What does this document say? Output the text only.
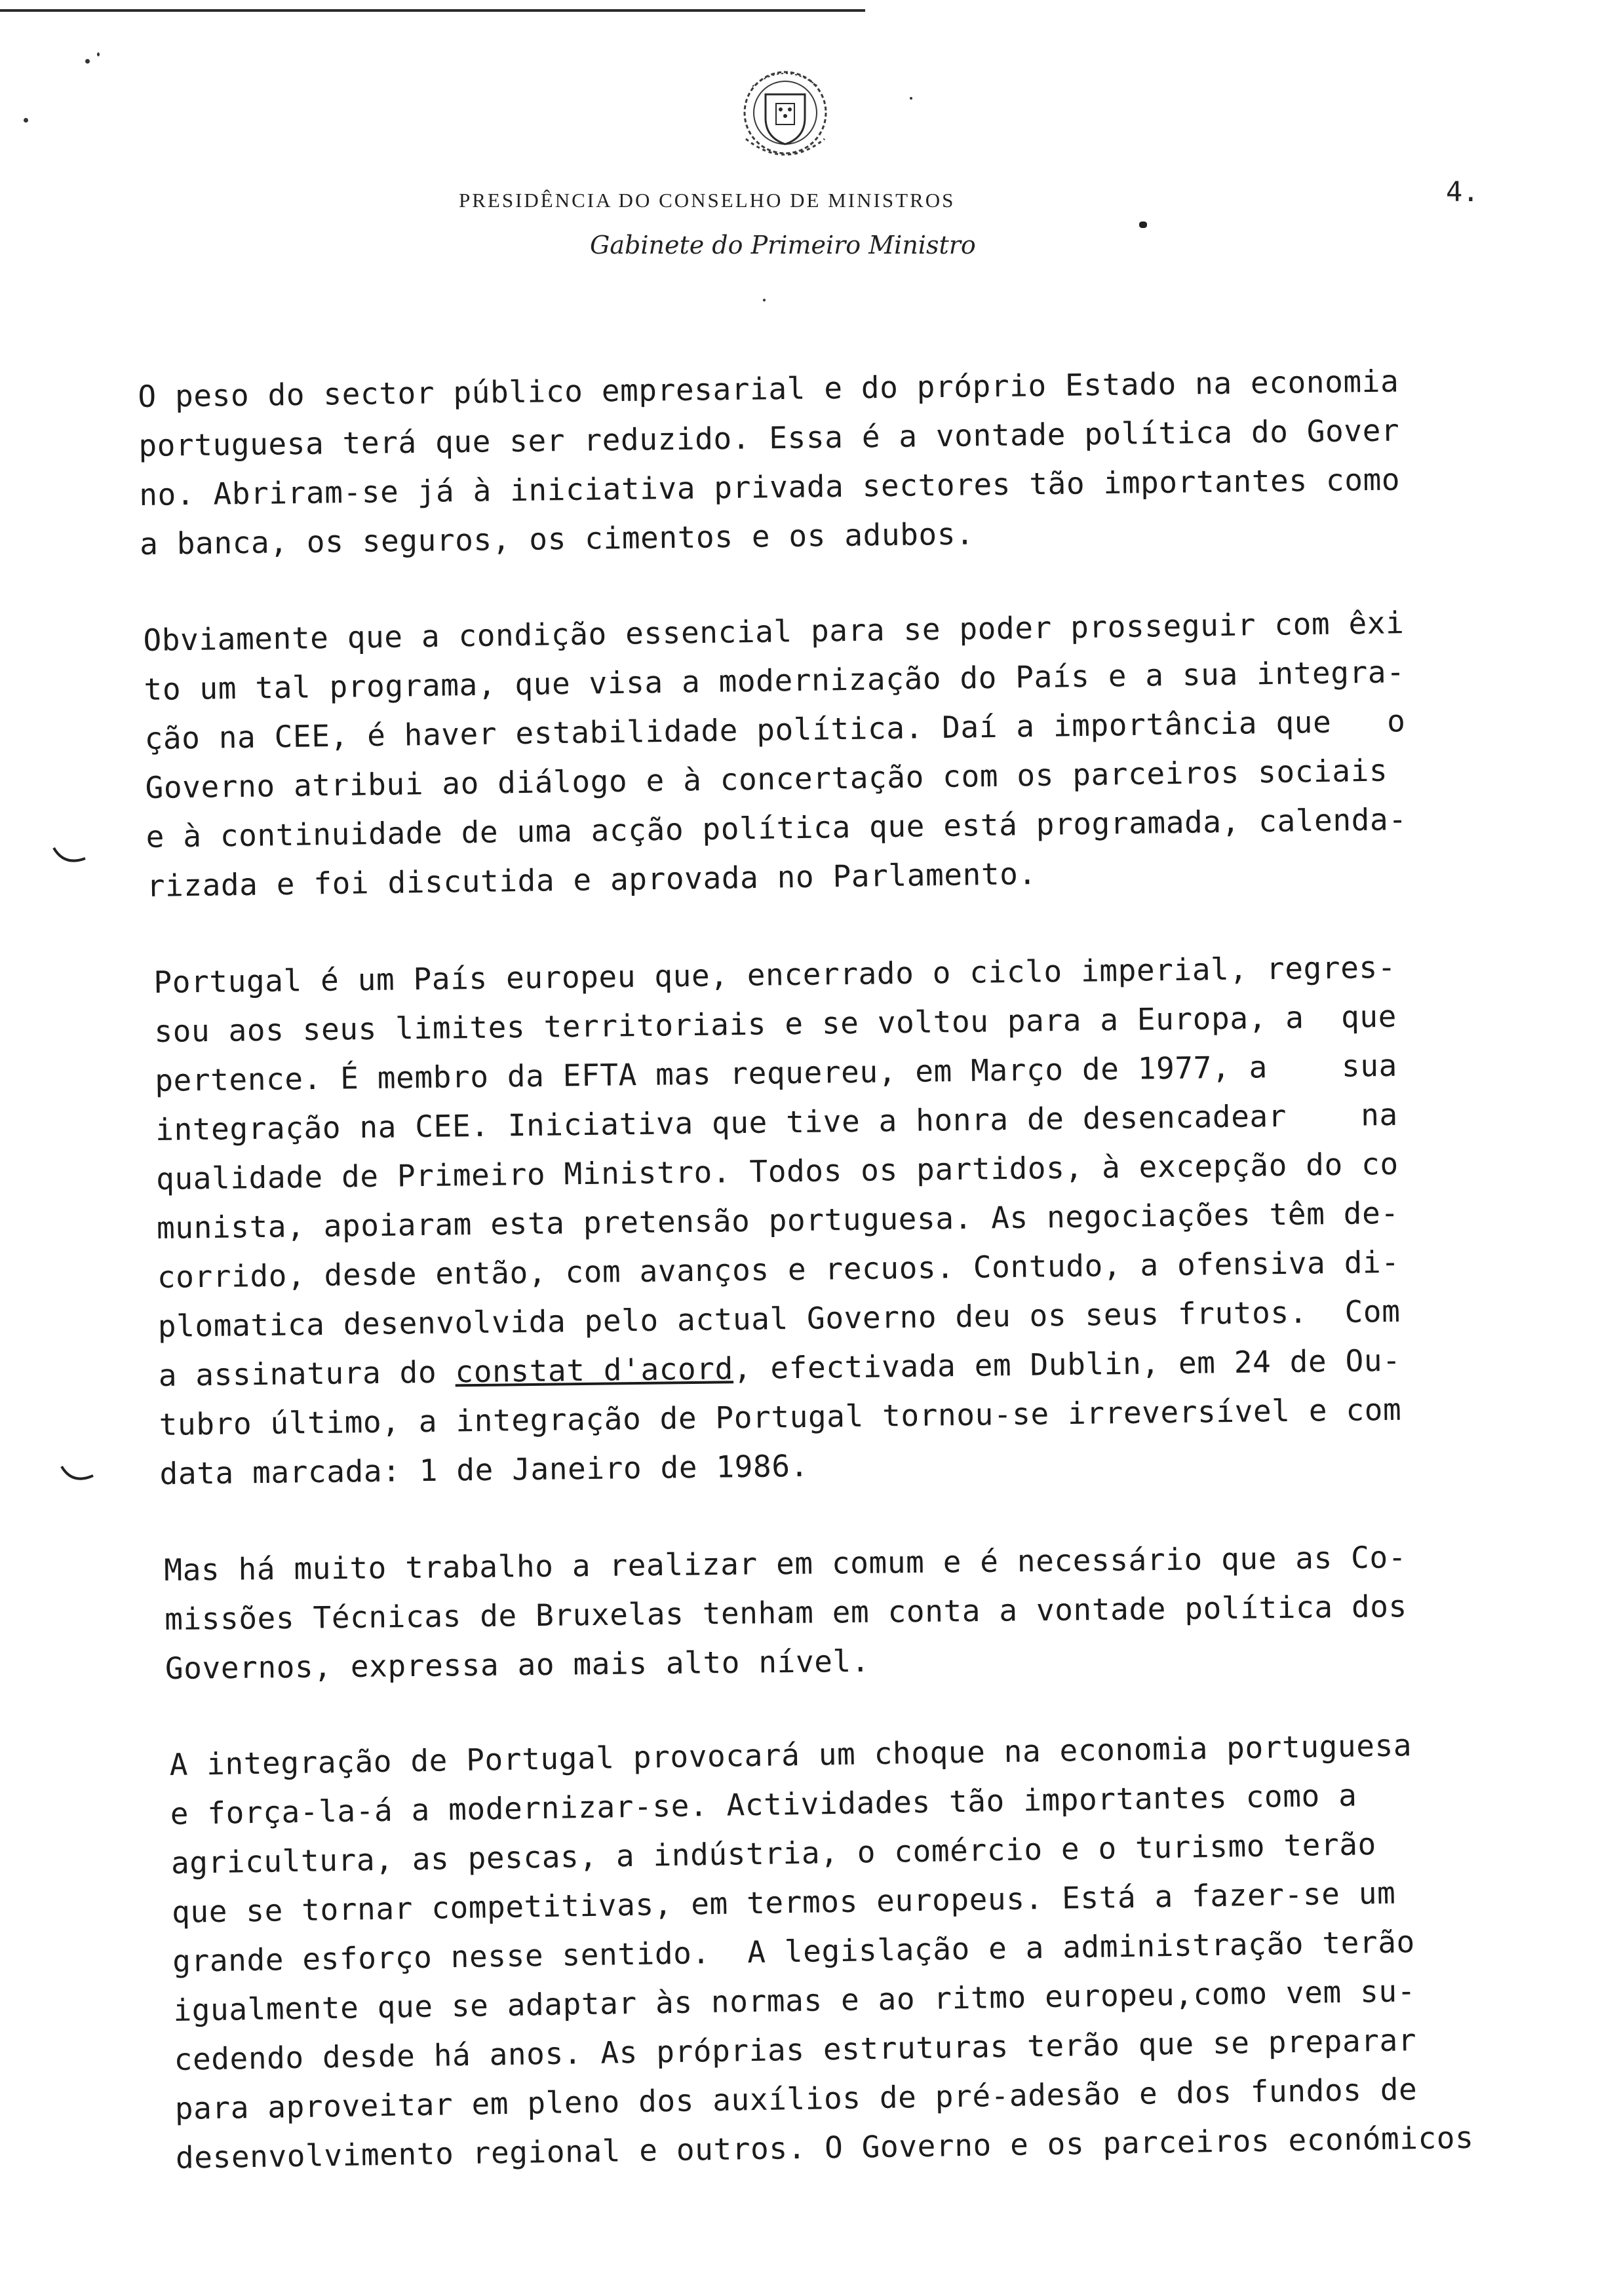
PRESIDÊNCIA DO CONSELHO DE MINISTROS
Gabinete do Primeiro Ministro
4.
O peso do sector público empresarial e do próprio Estado na economia
portuguesa terá que ser reduzido. Essa é a vontade política do Gover
no. Abriram-se já à iniciativa privada sectores tão importantes como
a banca, os seguros, os cimentos e os adubos.
Obviamente que a condição essencial para se poder prosseguir com êxi
to um tal programa, que visa a modernização do País e a sua integra-
ção na CEE, é haver estabilidade política. Daí a importância que   o
Governo atribui ao diálogo e à concertação com os parceiros sociais
e à continuidade de uma acção política que está programada, calenda-
rizada e foi discutida e aprovada no Parlamento.
Portugal é um País europeu que, encerrado o ciclo imperial, regres-
sou aos seus limites territoriais e se voltou para a Europa, a  que
pertence. É membro da EFTA mas requereu, em Março de 1977, a    sua
integração na CEE. Iniciativa que tive a honra de desencadear    na
qualidade de Primeiro Ministro. Todos os partidos, à excepção do co
munista, apoiaram esta pretensão portuguesa. As negociações têm de-
corrido, desde então, com avanços e recuos. Contudo, a ofensiva di-
plomatica desenvolvida pelo actual Governo deu os seus frutos.  Com
a assinatura do constat d'acord, efectivada em Dublin, em 24 de Ou-
tubro último, a integração de Portugal tornou-se irreversível e com
data marcada: 1 de Janeiro de 1986.
Mas há muito trabalho a realizar em comum e é necessário que as Co-
missões Técnicas de Bruxelas tenham em conta a vontade política dos
Governos, expressa ao mais alto nível.
A integração de Portugal provocará um choque na economia portuguesa
e força-la-á a modernizar-se. Actividades tão importantes como a
agricultura, as pescas, a indústria, o comércio e o turismo terão
que se tornar competitivas, em termos europeus. Está a fazer-se um
grande esforço nesse sentido.  A legislação e a administração terão
igualmente que se adaptar às normas e ao ritmo europeu,como vem su-
cedendo desde há anos. As próprias estruturas terão que se preparar
para aproveitar em pleno dos auxílios de pré-adesão e dos fundos de
desenvolvimento regional e outros. O Governo e os parceiros económicos
